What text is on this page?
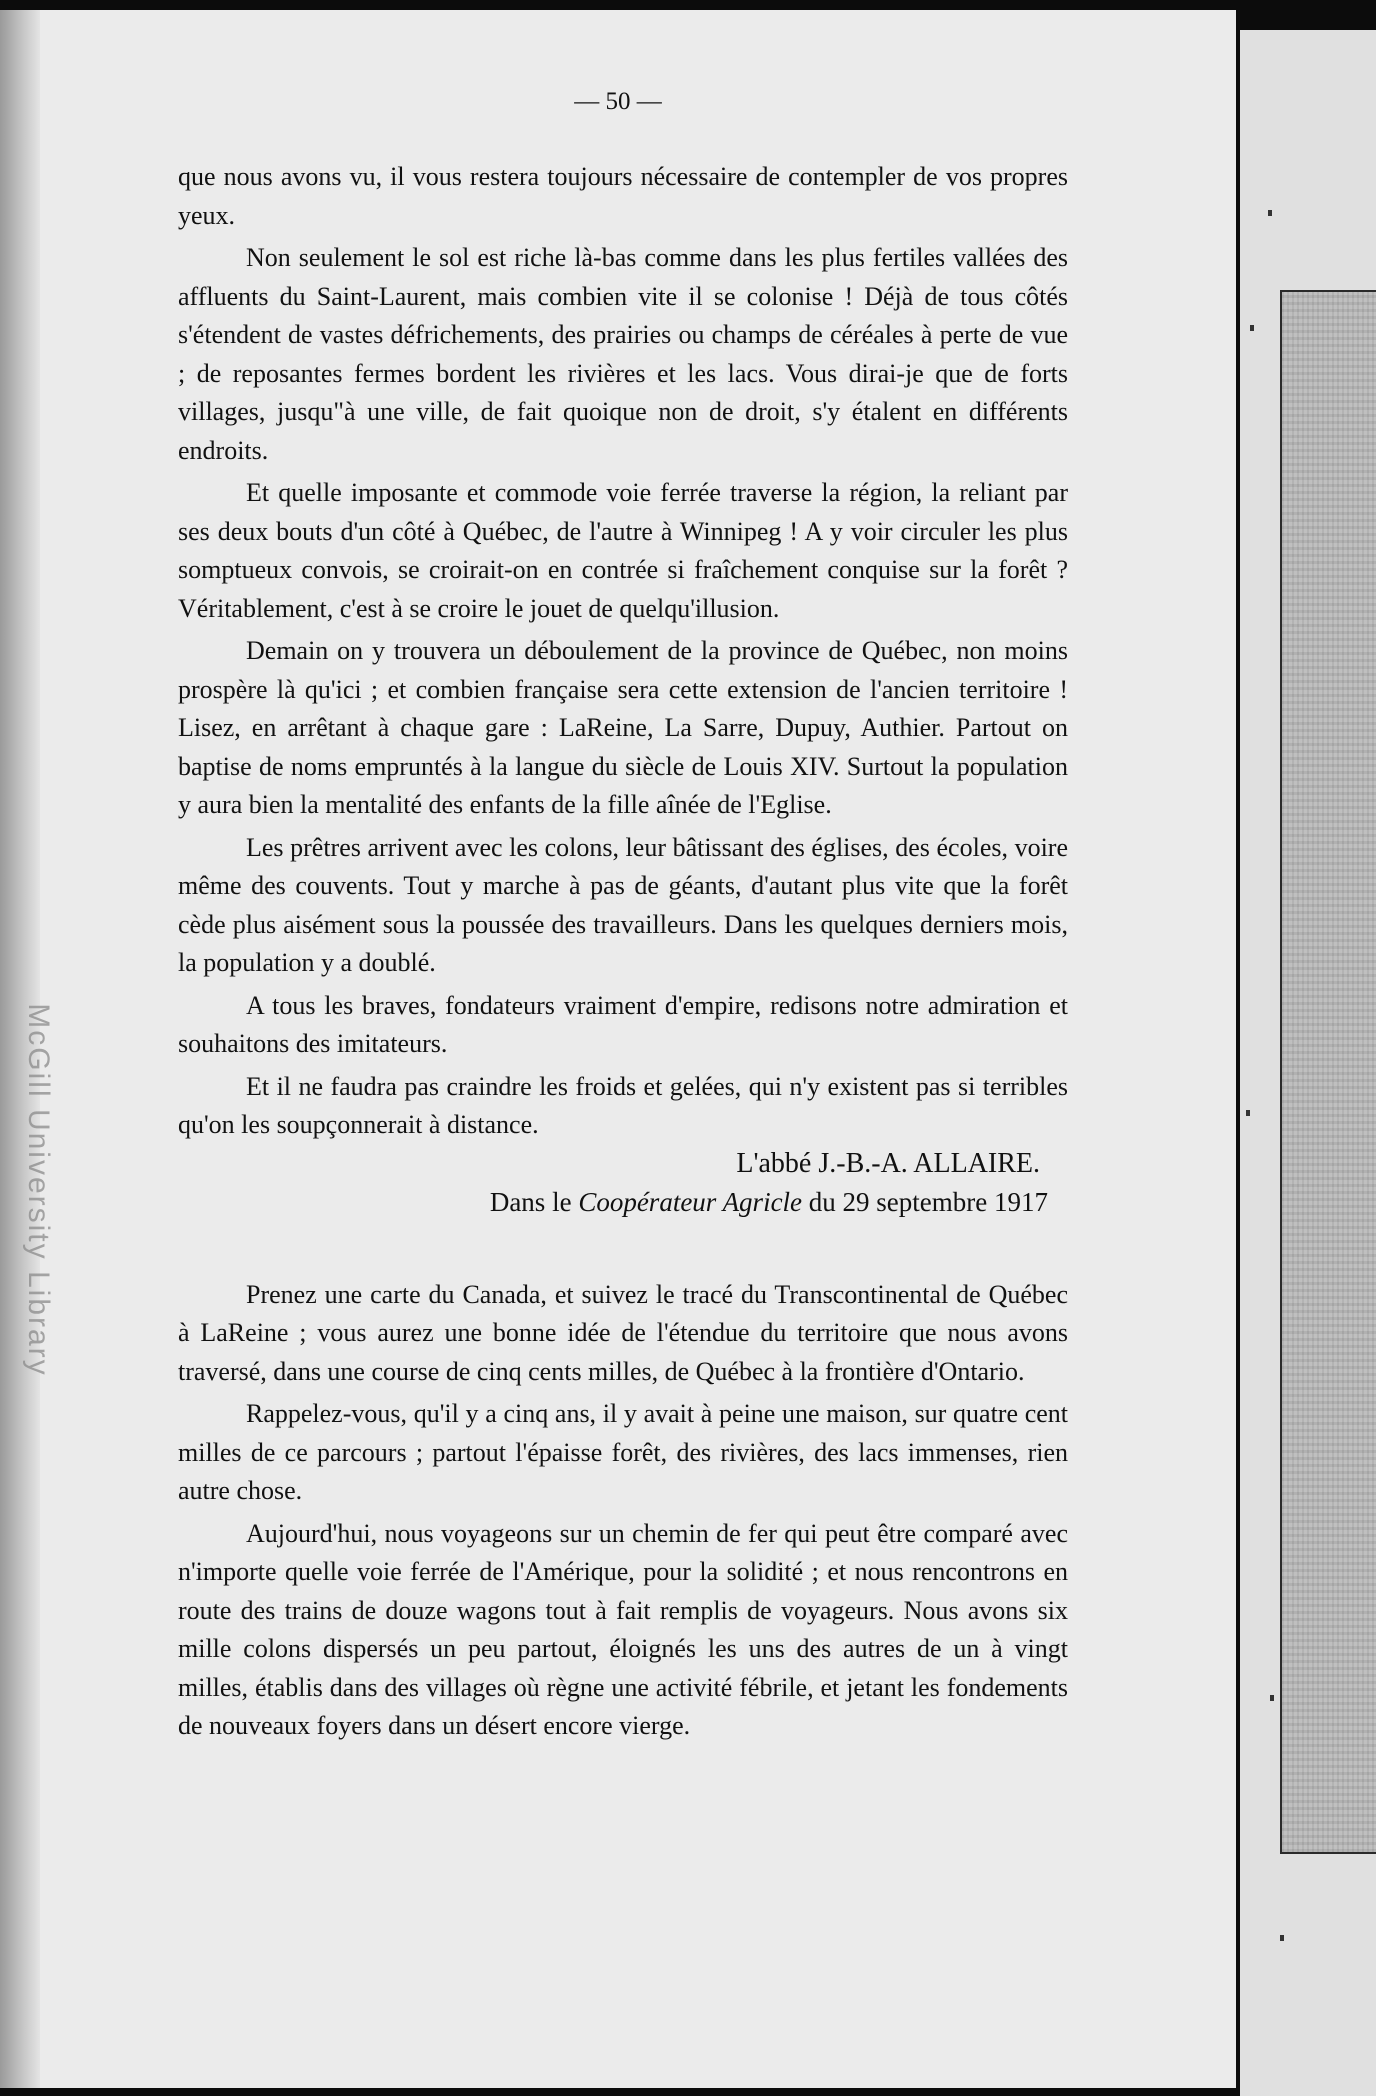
McGill University Library
— 50 —

que nous avons vu, il vous restera toujours nécessaire de contempler de vos propres yeux.

Non seulement le sol est riche là-bas comme dans les plus fertiles vallées des affluents du Saint-Laurent, mais combien vite il se colonise ! Déjà de tous côtés s'étendent de vastes défrichements, des prairies ou champs de céréales à perte de vue ; de reposantes fermes bordent les rivières et les lacs. Vous dirai-je que de forts villages, jusqu"à une ville, de fait quoique non de droit, s'y étalent en différents endroits.

Et quelle imposante et commode voie ferrée traverse la région, la reliant par ses deux bouts d'un côté à Québec, de l'autre à Winnipeg ! A y voir circuler les plus somptueux convois, se croirait-on en contrée si fraîchement conquise sur la forêt ? Véritablement, c'est à se croire le jouet de quelqu'illusion.

Demain on y trouvera un déboulement de la province de Québec, non moins prospère là qu'ici ; et combien française sera cette extension de l'ancien territoire ! Lisez, en arrêtant à chaque gare : LaReine, La Sarre, Dupuy, Authier. Partout on baptise de noms empruntés à la langue du siècle de Louis XIV. Surtout la population y aura bien la mentalité des enfants de la fille aînée de l'Eglise.

Les prêtres arrivent avec les colons, leur bâtissant des églises, des écoles, voire même des couvents. Tout y marche à pas de géants, d'autant plus vite que la forêt cède plus aisément sous la poussée des travailleurs. Dans les quelques derniers mois, la population y a doublé.

A tous les braves, fondateurs vraiment d'empire, redisons notre admiration et souhaitons des imitateurs.

Et il ne faudra pas craindre les froids et gelées, qui n'y existent pas si terribles qu'on les soupçonnerait à distance.

L'abbé J.-B.-A. ALLAIRE.

Dans le Coopérateur Agricle du 29 septembre 1917

Prenez une carte du Canada, et suivez le tracé du Transcontinental de Québec à LaReine ; vous aurez une bonne idée de l'étendue du territoire que nous avons traversé, dans une course de cinq cents milles, de Québec à la frontière d'Ontario.

Rappelez-vous, qu'il y a cinq ans, il y avait à peine une maison, sur quatre cent milles de ce parcours ; partout l'épaisse forêt, des rivières, des lacs immenses, rien autre chose.

Aujourd'hui, nous voyageons sur un chemin de fer qui peut être comparé avec n'importe quelle voie ferrée de l'Amérique, pour la solidité ; et nous rencontrons en route des trains de douze wagons tout à fait remplis de voyageurs. Nous avons six mille colons dispersés un peu partout, éloignés les uns des autres de un à vingt milles, établis dans des villages où règne une activité fébrile, et jetant les fondements de nouveaux foyers dans un désert encore vierge.
